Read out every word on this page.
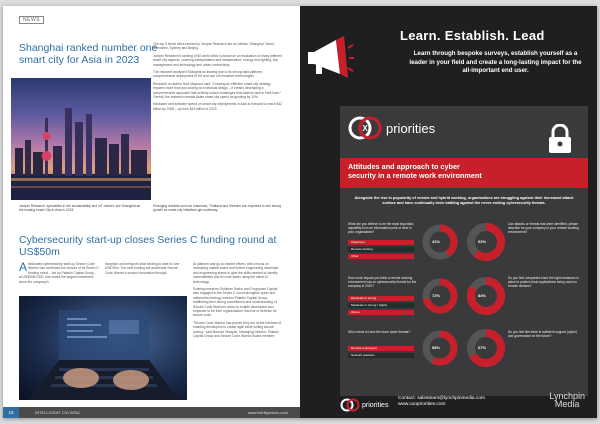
NEWS
Shanghai ranked number one smart city for Asia in 2023

The top 5 smart cities ranked by Juniper Research are as follows: Shanghai, Seoul, Shenzhen, Sydney and Beijing.

Juniper Research's ranking of 50 world cities is based on an evaluation of many different smart city aspects, covering transportation and infrastructure, energy and lighting, city management and technology and urban connectivity.

The research analysed Shanghai as leading due to its strong data platform, comprehensive deployment of 5G and use of innovative technologies.

Research co-author Nick Maynard said: "Creating an effective smart city strategy requires more than just solving an individual design – it means developing a comprehensive approach that actively solves challenges that citizens face in their lives." Overall, the research reveals Asian smart city spend as growing by 10%.

Hardware and software spend on smart city deployments in Asia is forecast to reach $42 billion by 2028 – up from $19 billion in 2023.

Juniper Research, specialists in the sustainability and IoT market, see Shanghai as the leading smart City in Asia in 2023.
Emerging markets such as Indonesia, Thailand and Vietnam are expected to see strong growth as smart city initiatives get underway.
Cybersecurity start-up closes Series C funding round at US$50m

Adedicated cybersecurity start-up Secure Code Warrior has confirmed the closure of its Series C funding round – led by Paladin Capital Group – at US$50M USD, this marks the largest investment since the company's

inception and brings its total funding to date to over US$ 90m. The new funding will accelerate Secure Code Warrior's product innovation through

AI platform and go-to-market efforts, with a focus on increasing market share and further engineering developer and engineering teams to give the skills needed to identify vulnerabilities and fix code faster using the latest AI technology.

Existing investors Goldman Sachs and Forgepoint Capital also engaged in the Series C round alongside cyber and national technology investor Paladin Capital Group, reaffirming their strong commitment and understanding of Secure Code Warrior's vision to enable developers and empower to be their organizations' first line of defense for secure code.

"Secure Code Warrior has proven they are at the forefront of enabling developers to create agile while writing secure coding," said Mourad Yesayan, Managing Director, Paladin Capital Group and Secure Code Warrior Board member.

16	INTELLIGENT CIO APAC	www.intelligentcio.com
Learn. Establish. Lead
Learn through bespoke surveys, establish yourself as a leader in your field and create a long-lasting impact for the all-important end user.
X priorities
Attitudes and approach to cyber
security in a remote work environment
Alongside the rise in popularity of remote and hybrid working, organisations are struggling against their increased attack surface and have continually been battling against the never-ending cybersecurity threats.
What are you believe to be the most important, capability from an information point of view in your organisation?
Telephone
Remote working
Other
41%
Can attacks or threats that were identified, please describe for your company in your remote working environment?
62%
How much impact you think a remote working environment has on cybersecurity threats for the company in 2022?
Moderate to strong
Moderate or strong / Highly
Above
72%
Do you feel companies have the right measures in place to protect cloud applications being used on remote devices?
84%
Who needs to have the more cyber threats?
Remote employees
Network solutions
58%
Do you feel like there is sufficient support (cyber) and governance on the future?
67%
priorities
Contact: salesteam@lynchpinmedia.com
www.cxopriorities.com
Lynchpin
Media
